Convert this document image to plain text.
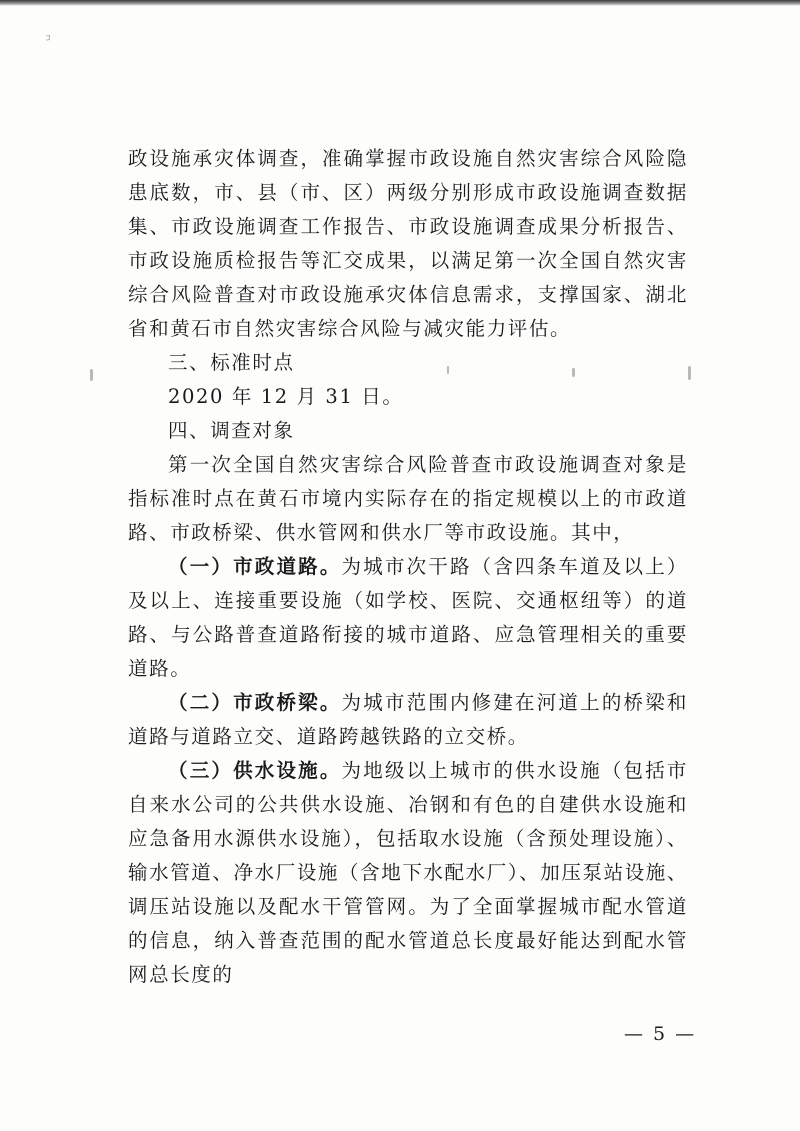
ｺ

政设施承灾体调查，准确掌握市政设施自然灾害综合风险隐患底数，市、县（市、区）两级分别形成市政设施调查数据集、市政设施调查工作报告、市政设施调查成果分析报告、市政设施质检报告等汇交成果，以满足第一次全国自然灾害综合风险普查对市政设施承灾体信息需求，支撑国家、湖北省和黄石市自然灾害综合风险与减灾能力评估。

三、标准时点

2020 年 12 月 31 日。

四、调查对象

第一次全国自然灾害综合风险普查市政设施调查对象是指标准时点在黄石市境内实际存在的指定规模以上的市政道路、市政桥梁、供水管网和供水厂等市政设施。其中，

（一）市政道路。为城市次干路（含四条车道及以上）及以上、连接重要设施（如学校、医院、交通枢纽等）的道路、与公路普查道路衔接的城市道路、应急管理相关的重要道路。

（二）市政桥梁。为城市范围内修建在河道上的桥梁和道路与道路立交、道路跨越铁路的立交桥。

（三）供水设施。为地级以上城市的供水设施（包括市自来水公司的公共供水设施、冶钢和有色的自建供水设施和应急备用水源供水设施），包括取水设施（含预处理设施）、输水管道、净水厂设施（含地下水配水厂）、加压泵站设施、调压站设施以及配水干管管网。为了全面掌握城市配水管道的信息，纳入普查范围的配水管道总长度最好能达到配水管网总长度的

— 5 —
